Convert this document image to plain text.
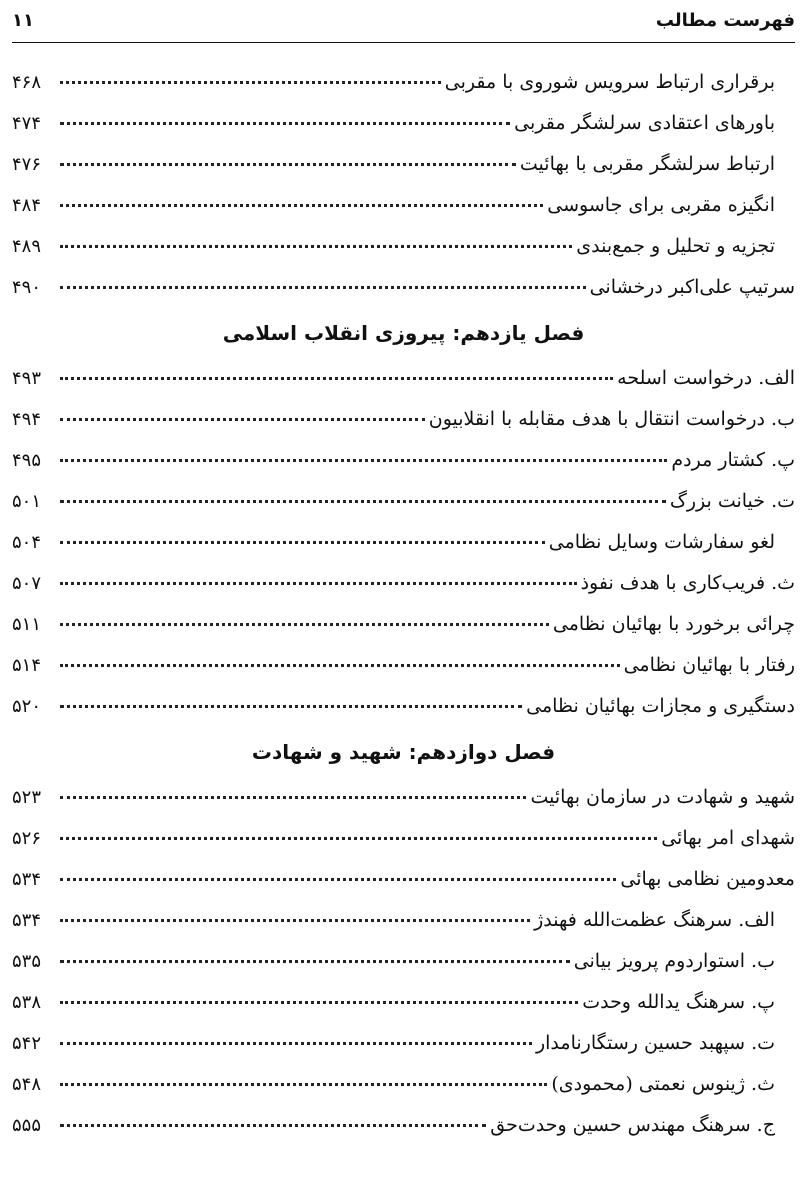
فهرست مطالب
۱۱
برقراری ارتباط سرویس شوروی با مقربی
۴۶۸
باورهای اعتقادی سرلشگر مقربی
۴۷۴
ارتباط سرلشگر مقربی با بهائیت
۴۷۶
انگیزه مقربی برای جاسوسی
۴۸۴
تجزیه و تحلیل و جمع‌بندی
۴۸۹
سرتیپ علی‌اکبر درخشانی
۴۹۰
فصل یازدهم: پیروزی انقلاب اسلامی
الف. درخواست اسلحه
۴۹۳
ب. درخواست انتقال با هدف مقابله با انقلابیون
۴۹۴
پ. کشتار مردم
۴۹۵
ت. خیانت بزرگ
۵۰۱
لغو سفارشات وسایل نظامی
۵۰۴
ث. فریب‌کاری با هدف نفوذ
۵۰۷
چرائی برخورد با بهائیان نظامی
۵۱۱
رفتار با بهائیان نظامی
۵۱۴
دستگیری و مجازات بهائیان نظامی
۵۲۰
فصل دوازدهم: شهید و شهادت
شهید و شهادت در سازمان بهائیت
۵۲۳
شهدای امر بهائی
۵۲۶
معدومین نظامی بهائی
۵۳۴
الف. سرهنگ عظمت‌الله فهندژ
۵۳۴
ب. استواردوم پرویز بیانی
۵۳۵
پ. سرهنگ یدالله وحدت
۵۳۸
ت. سپهبد حسین رستگارنامدار
۵۴۲
ث. ژینوس نعمتی (محمودی)
۵۴۸
ج. سرهنگ مهندس حسین وحدت‌حق
۵۵۵
